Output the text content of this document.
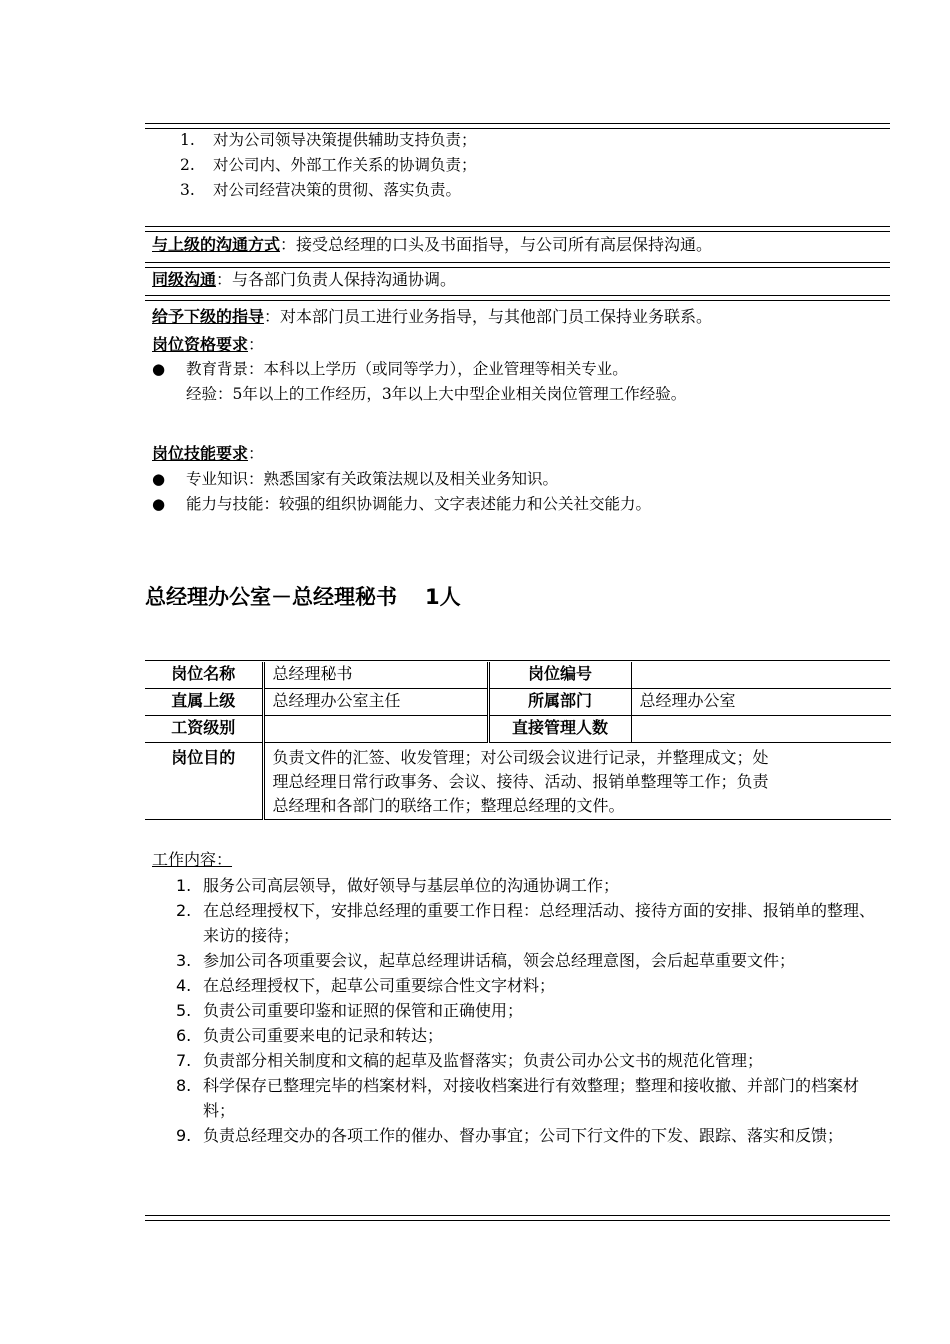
1. 对为公司领导决策提供辅助支持负责；
2. 对公司内、外部工作关系的协调负责；
3. 对公司经营决策的贯彻、落实负责。
与上级的沟通方式：接受总经理的口头及书面指导，与公司所有高层保持沟通。
同级沟通：与各部门负责人保持沟通协调。
给予下级的指导：对本部门员工进行业务指导，与其他部门员工保持业务联系。
岗位资格要求：
● 教育背景：本科以上学历（或同等学力），企业管理等相关专业。
经验：5年以上的工作经历，3年以上大中型企业相关岗位管理工作经验。
岗位技能要求：
● 专业知识：熟悉国家有关政策法规以及相关业务知识。
● 能力与技能：较强的组织协调能力、文字表述能力和公关社交能力。
总经理办公室－总经理秘书 1人
岗位名称	总经理秘书	岗位编号	
直属上级	总经理办公室主任	所属部门	总经理办公室
工资级别		直接管理人数	
岗位目的	负责文件的汇签、收发管理；对公司级会议进行记录，并整理成文；处
理总经理日常行政事务、会议、接待、活动、报销单整理等工作；负责
总经理和各部门的联络工作；整理总经理的文件。		
工作内容：
1. 服务公司高层领导，做好领导与基层单位的沟通协调工作；
2. 在总经理授权下，安排总经理的重要工作日程：总经理活动、接待方面的安排、报销单的整理、来访的接待；
3. 参加公司各项重要会议，起草总经理讲话稿，领会总经理意图，会后起草重要文件；
4. 在总经理授权下，起草公司重要综合性文字材料；
5. 负责公司重要印鉴和证照的保管和正确使用；
6. 负责公司重要来电的记录和转达；
7. 负责部分相关制度和文稿的起草及监督落实；负责公司办公文书的规范化管理；
8. 科学保存已整理完毕的档案材料，对接收档案进行有效整理；整理和接收撤、并部门的档案材料；
9. 负责总经理交办的各项工作的催办、督办事宜；公司下行文件的下发、跟踪、落实和反馈；
